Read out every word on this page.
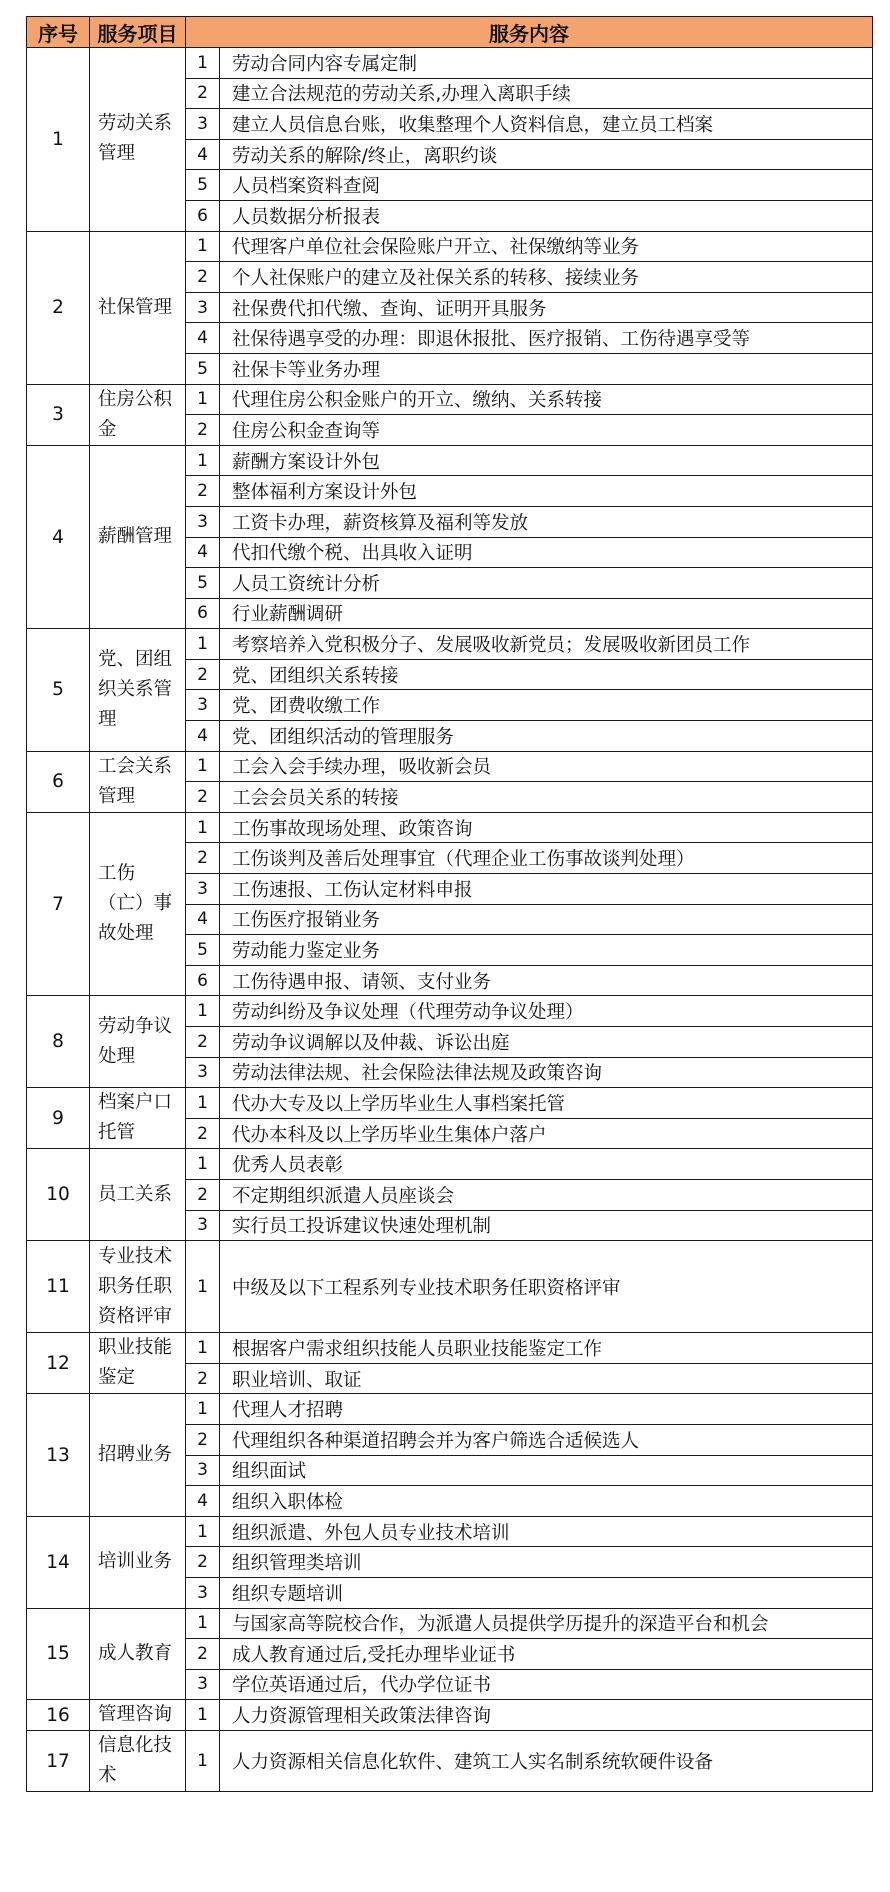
序号	服务项目	服务内容	
1	劳动关系管理	1	劳动合同内容专属定制
		2	建立合法规范的劳动关系,办理入离职手续
		3	建立人员信息台账，收集整理个人资料信息，建立员工档案
		4	劳动关系的解除/终止，离职约谈
		5	人员档案资料查阅
		6	人员数据分析报表
2	社保管理	1	代理客户单位社会保险账户开立、社保缴纳等业务
		2	个人社保账户的建立及社保关系的转移、接续业务
		3	社保费代扣代缴、查询、证明开具服务
		4	社保待遇享受的办理：即退休报批、医疗报销、工伤待遇享受等
		5	社保卡等业务办理
3	住房公积金	1	代理住房公积金账户的开立、缴纳、关系转接
		2	住房公积金查询等
4	薪酬管理	1	薪酬方案设计外包
		2	整体福利方案设计外包
		3	工资卡办理，薪资核算及福利等发放
		4	代扣代缴个税、出具收入证明
		5	人员工资统计分析
		6	行业薪酬调研
5	党、团组织关系管理	1	考察培养入党积极分子、发展吸收新党员；发展吸收新团员工作
		2	党、团组织关系转接
		3	党、团费收缴工作
		4	党、团组织活动的管理服务
6	工会关系管理	1	工会入会手续办理，吸收新会员
		2	工会会员关系的转接
7	工伤（亡）事故处理	1	工伤事故现场处理、政策咨询
		2	工伤谈判及善后处理事宜（代理企业工伤事故谈判处理）
		3	工伤速报、工伤认定材料申报
		4	工伤医疗报销业务
		5	劳动能力鉴定业务
		6	工伤待遇申报、请领、支付业务
8	劳动争议处理	1	劳动纠纷及争议处理（代理劳动争议处理）
		2	劳动争议调解以及仲裁、诉讼出庭
		3	劳动法律法规、社会保险法律法规及政策咨询
9	档案户口托管	1	代办大专及以上学历毕业生人事档案托管
		2	代办本科及以上学历毕业生集体户落户
10	员工关系	1	优秀人员表彰
		2	不定期组织派遣人员座谈会
		3	实行员工投诉建议快速处理机制
11	专业技术职务任职资格评审	1	中级及以下工程系列专业技术职务任职资格评审
12	职业技能鉴定	1	根据客户需求组织技能人员职业技能鉴定工作
		2	职业培训、取证
13	招聘业务	1	代理人才招聘
		2	代理组织各种渠道招聘会并为客户筛选合适候选人
		3	组织面试
		4	组织入职体检
14	培训业务	1	组织派遣、外包人员专业技术培训
		2	组织管理类培训
		3	组织专题培训
15	成人教育	1	与国家高等院校合作，为派遣人员提供学历提升的深造平台和机会
		2	成人教育通过后,受托办理毕业证书
		3	学位英语通过后，代办学位证书
16	管理咨询	1	人力资源管理相关政策法律咨询
17	信息化技术	1	人力资源相关信息化软件、建筑工人实名制系统软硬件设备
